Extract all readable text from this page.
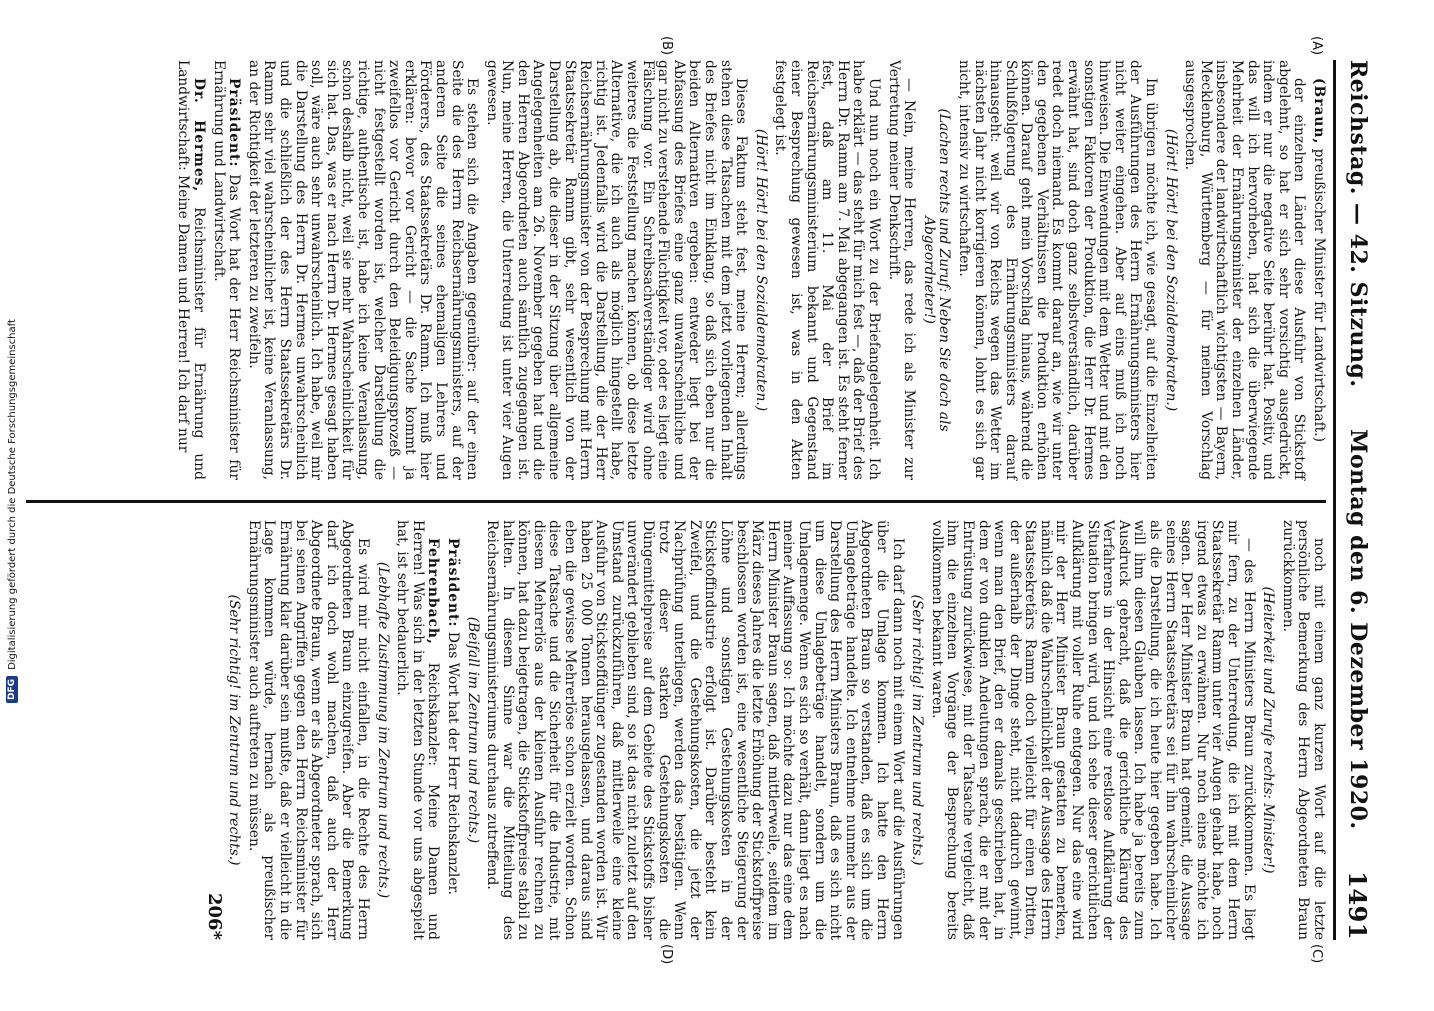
Reichstag. — 42. Sitzung.
Montag den 6. Dezember 1920.
1491
(A)
(B)
(C)
(D)

(Braun, preußischer Minister für Landwirtschaft.)

der einzelnen Länder diese Ausfuhr von Stickstoff abgelehnt, so hat er sich sehr vorsichtig ausgedrückt, indem er nur die negative Seite berührt hat. Positiv, und das will ich hervorheben, hat sich die überwiegende Mehrheit der Ernährungsminister der einzelnen Länder, insbesondere der landwirtschaftlich wichtigsten — Bayern, Mecklenburg, Württemberg — für meinen Vorschlag ausgesprochen.

(Hört! Hört! bei den Sozialdemokraten.)

Im übrigen möchte ich, wie gesagt, auf die Einzelheiten der Ausführungen des Herrn Ernährungsministers hier nicht weiter eingehen. Aber auf eins muß ich noch hinweisen. Die Einwendungen mit dem Wetter und mit den sonstigen Faktoren der Produktion, die Herr Dr. Hermes erwähnt hat, sind doch ganz selbstverständlich, darüber redet doch niemand. Es kommt darauf an, wie wir unter den gegebenen Verhältnissen die Produktion erhöhen können. Darauf geht mein Vorschlag hinaus, während die Schlußfolgerung des Ernährungsministers darauf hinausgeht: weil wir von Reichs wegen das Wetter im nächsten Jahr nicht korrigieren können, lohnt es sich gar nicht, intensiv zu wirtschaften.

(Lachen rechts und Zuruf: Neben Sie doch als Abgeordneter!)

— Nein, meine Herren, das rede ich als Minister zur Vertretung meiner Denkschrift.

Und nun noch ein Wort zu der Briefangelegenheit. Ich habe erklärt — das steht für mich fest —, daß der Brief des Herrn Dr. Ramm am 7. Mai abgegangen ist. Es steht ferner fest, daß am 11. Mai der Brief im Reichsernährungsministerium bekannt und Gegenstand einer Besprechung gewesen ist, was in den Akten festgelegt ist.

(Hört! Hört! bei den Sozialdemokraten.)

Dieses Faktum steht fest, meine Herren; allerdings stehen diese Tatsachen mit dem jetzt vorliegenden Inhalt des Briefes nicht im Einklang, so daß sich eben nur die beiden Alternativen ergeben: entweder liegt bei der Abfassung des Briefes eine ganz unwahrscheinliche und gar nicht zu verstehende Flüchtigkeit vor, oder es liegt eine Fälschung vor. Ein Schreibsachverständiger wird ohne weiteres die Feststellung machen können, ob diese letzte Alternative, die ich auch als möglich hingestellt habe, richtig ist. Jedenfalls wird die Darstellung, die der Herr Reichsernährungsminister von der Besprechung mit Herrn Staatssekretär Ramm gibt, sehr wesentlich von der Darstellung ab, die dieser in der Sitzung über allgemeine Angelegenheiten am 26. November gegeben hat und die den Herren Abgeordneten auch sämtlich zugegangen ist. Nun, meine Herren, die Unterredung ist unter vier Augen gewesen.

Es stehen sich die Angaben gegenüber: auf der einen Seite die des Herrn Reichsernährungsministers, auf der anderen Seite die seines ehemaligen Lehrers und Förderers, des Staatssekretärs Dr. Ramm. Ich muß hier erklären: bevor vor Gericht — die Sache kommt ja zweifellos vor Gericht durch den Beleidigungsprozeß — nicht festgestellt worden ist, welcher Darstellung die richtige, authentische ist, habe ich keine Veranlassung, schon deshalb nicht, weil sie mehr Wahrscheinlichkeit für sich hat. Das, was er nach Herrn Dr. Hermes gesagt haben soll, wäre auch sehr unwahrscheinlich. Ich habe, weil mir die Darstellung des Herrn Dr. Hermes unwahrscheinlich und die schließlich der des Herrn Staatssekretärs Dr. Ramm sehr viel wahrscheinlicher ist, keine Veranlassung, an der Richtigkeit der letzteren zu zweifeln.

Präsident: Das Wort hat der Herr Reichsminister für Ernährung und Landwirtschaft.

Dr. Hermes, Reichsminister für Ernährung und Landwirtschaft: Meine Damen und Herren! Ich darf nur

noch mit einem ganz kurzen Wort auf die letzte persönliche Bemerkung des Herrn Abgeordneten Braun zurückkommen.

(Heiterkeit und Zurufe rechts: Minister!)

— des Herrn Ministers Braun zurückkommen. Es liegt mir fern, zu der Unterredung, die ich mit dem Herrn Staatssekretär Ramm unter vier Augen gehabt habe, noch irgend etwas zu erwähnen. Nur noch eines möchte ich sagen. Der Herr Minister Braun hat gemeint, die Aussage seines Herrn Staatssekretärs sei für ihn wahrscheinlicher als die Darstellung, die ich heute hier gegeben habe. Ich will ihm diesen Glauben lassen. Ich habe ja bereits zum Ausdruck gebracht, daß die gerichtliche Klärung des Verfahrens in der Hinsicht eine restlose Aufklärung der Situation bringen wird, und ich sehe dieser gerichtlichen Aufklärung mit voller Ruhe entgegen. Nur das eine wird mir der Herr Minister Braun gestatten zu bemerken, nämlich daß die Wahrscheinlichkeit der Aussage des Herrn Staatssekretärs Ramm doch vielleicht für einen Dritten, der außerhalb der Dinge steht, nicht dadurch gewinnt, wenn man den Brief, den er damals geschrieben hat, in dem er von dunklen Andeutungen sprach, die er mit der Entrüstung zurückwiese, mit der Tatsache vergleicht, daß ihm die einzelnen Vorgänge der Besprechung bereits vollkommen bekannt waren.

(Sehr richtig! im Zentrum und rechts.)

Ich darf dann noch mit einem Wort auf die Ausführungen über die Umlage kommen. Ich hatte den Herrn Abgeordneten Braun so verstanden, daß es sich um die Umlagebeträge handelte. Ich entnehme nunmehr aus der Darstellung des Herrn Ministers Braun, daß es sich nicht um diese Umlagebeträge handelt, sondern um die Umlagemenge. Wenn es sich so verhält, dann liegt es nach meiner Auffassung so: Ich möchte dazu nur das eine dem Herrn Minister Braun sagen, daß mittlerweile, seitdem im März dieses Jahres die letzte Erhöhung der Stickstoffpreise beschlossen worden ist, eine wesentliche Steigerung der Löhne und sonstigen Gestehungskosten in der Stickstoffindustrie erfolgt ist. Darüber besteht kein Zweifel, und die Gestehungskosten, die jetzt der Nachprüfung unterliegen, werden das bestätigen. Wenn trotz dieser starken Gestehungskosten die Düngemittelpreise auf dem Gebiete des Stickstoffs bisher unverändert geblieben sind, so ist das nicht zuletzt auf den Umstand zurückzuführen, daß mittlerweile eine kleine Ausfuhr von Stickstoffdünger zugestanden worden ist. Wir haben 25 000 Tonnen herausgelassen, und daraus sind eben die gewisse Mehrerlöse schon erzielt worden. Schon diese Tatsache und die Sicherheit für die Industrie, mit diesem Mehrerlös aus der kleinen Ausfuhr rechnen zu können, hat dazu beigetragen, die Stickstoffpreise stabil zu halten. In diesem Sinne war die Mitteilung des Reichsernährungsministeriums durchaus zutreffend.

(Beifall im Zentrum und rechts.)

Präsident: Das Wort hat der Herr Reichskanzler.

Fehrenbach, Reichskanzler: Meine Damen und Herren! Was sich in der letzten Stunde vor uns abgespielt hat, ist sehr bedauerlich.

(Lebhafte Zustimmung im Zentrum und rechts.)

Es wird mir nicht einfallen, in die Rechte des Herrn Abgeordneten Braun einzugreifen. Aber die Bemerkung darf ich doch wohl machen, daß auch der Herr Abgeordnete Braun, wenn er als Abgeordneter sprach, sich bei seinen Angriffen gegen den Herrn Reichsminister für Ernährung klar darüber sein mußte, daß er vielleicht in die Lage kommen würde, hernach als preußischer Ernährungsminister auch auftreten zu müssen.

(Sehr richtig! im Zentrum und rechts.)

206*

DFG
Digitalisierung gefördert durch die Deutsche Forschungsgemeinschaft
